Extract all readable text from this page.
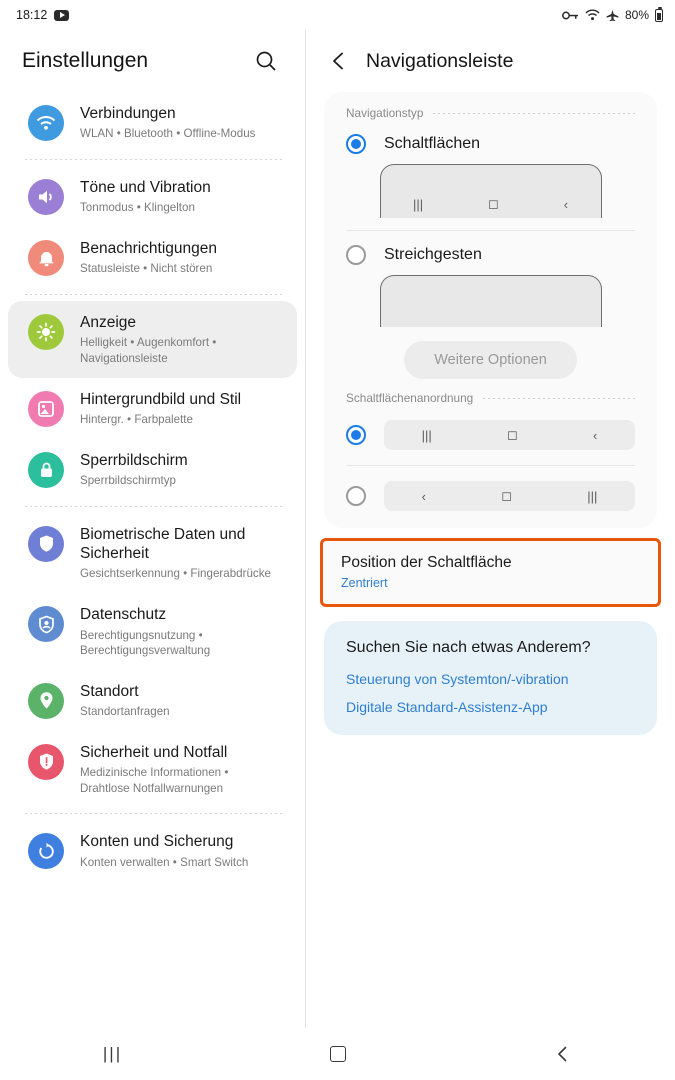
18:12	80%
Einstellungen
Verbindungen
WLAN • Bluetooth • Offline-Modus
Töne und Vibration
Tonmodus • Klingelton
Benachrichtigungen
Statusleiste • Nicht stören
Anzeige
Helligkeit • Augenkomfort • Navigationsleiste
Hintergrundbild und Stil
Hintergr. • Farbpalette
Sperrbildschirm
Sperrbildschirmtyp
Biometrische Daten und Sicherheit
Gesichtserkennung • Fingerabdrücke
Datenschutz
Berechtigungsnutzung • Berechtigungsverwaltung
Standort
Standortanfragen
Sicherheit und Notfall
Medizinische Informationen • Drahtlose Notfallwarnungen
Konten und Sicherung
Konten verwalten • Smart Switch
Navigationsleiste
Navigationstyp
Schaltflächen
|||	◻	‹
Streichgesten
Weitere Optionen
Schaltflächenanordnung
|||	◻	‹
‹	◻	|||
Position der Schaltfläche
Zentriert
Suchen Sie nach etwas Anderem?
Steuerung von Systemton/-vibration
Digitale Standard-Assistenz-App
|||
